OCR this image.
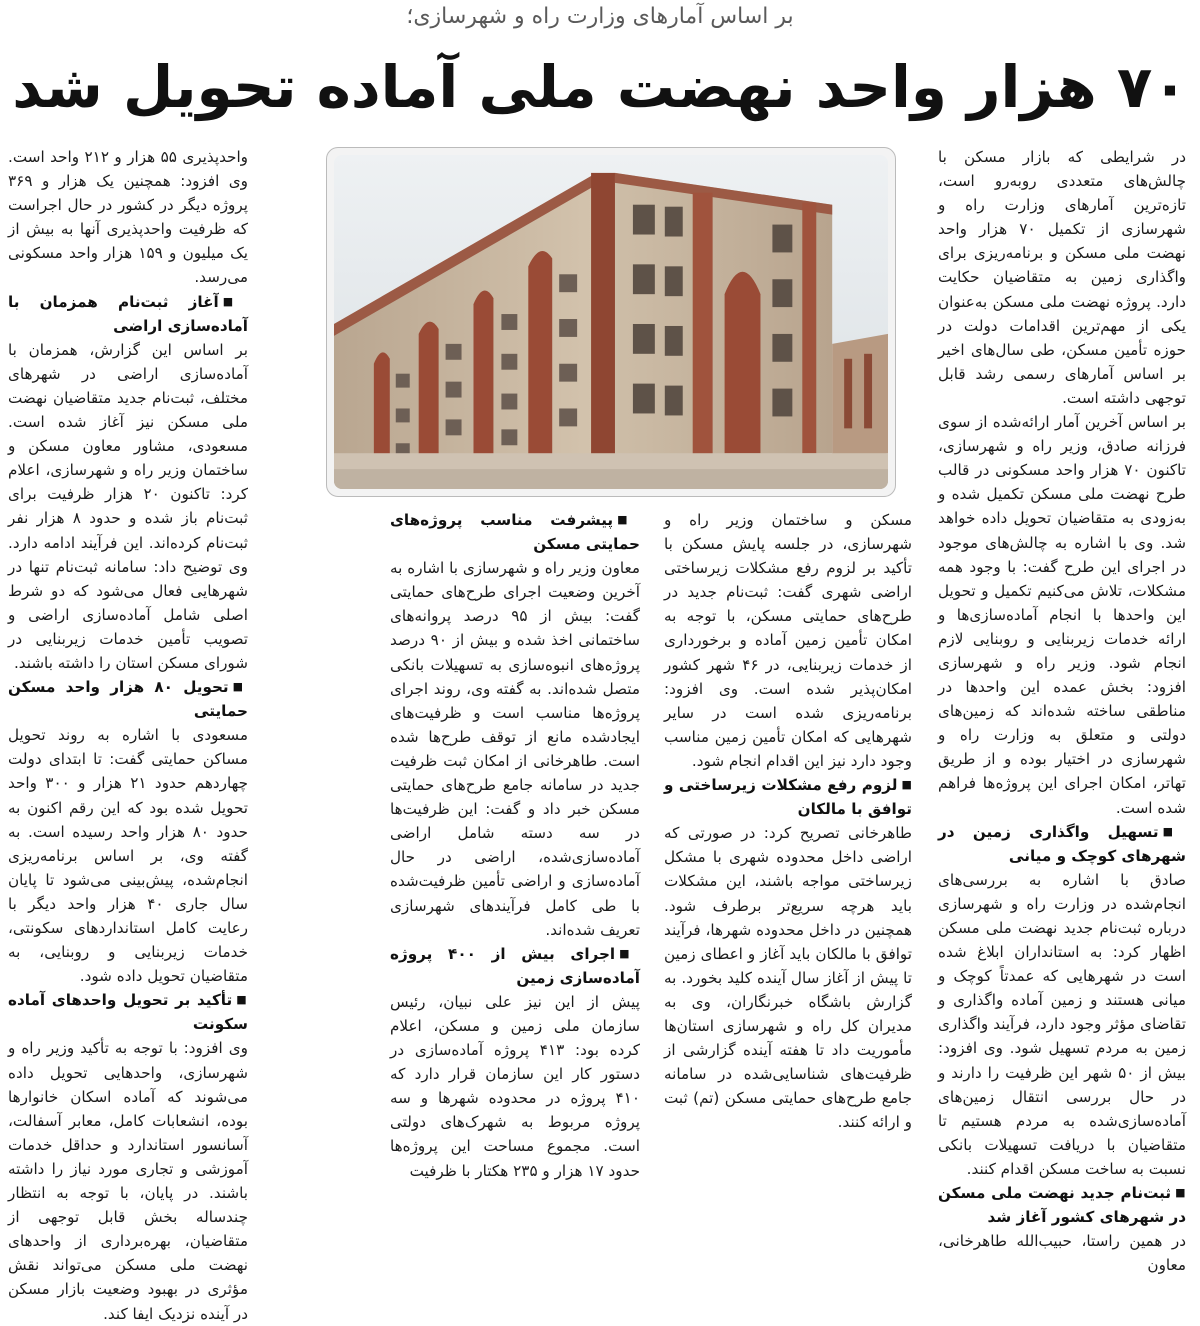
بر اساس آمارهای وزارت راه و شهرسازی؛
۷۰ هزار واحد نهضت ملی آماده تحویل شد

در شرایطی که بازار مسکن با چالش‌های متعددی روبه‌رو است، تازه‌ترین آمارهای وزارت راه و شهرسازی از تکمیل ۷۰ هزار واحد نهضت ملی مسکن و برنامه‌ریزی برای واگذاری زمین به متقاضیان حکایت دارد. پروژه نهضت ملی مسکن به‌عنوان یکی از مهم‌ترین اقدامات دولت در حوزه تأمین مسکن، طی سال‌های اخیر بر اساس آمارهای رسمی رشد قابل توجهی داشته است.

بر اساس آخرین آمار ارائه‌شده از سوی فرزانه صادق، وزیر راه و شهرسازی، تاکنون ۷۰ هزار واحد مسکونی در قالب طرح نهضت ملی مسکن تکمیل شده و به‌زودی به متقاضیان تحویل داده خواهد شد. وی با اشاره به چالش‌های موجود در اجرای این طرح گفت: با وجود همه مشکلات، تلاش می‌کنیم تکمیل و تحویل این واحدها با انجام آماده‌سازی‌ها و ارائه خدمات زیربنایی و روبنایی لازم انجام شود. وزیر راه و شهرسازی افزود: بخش عمده این واحدها در مناطقی ساخته شده‌اند که زمین‌های دولتی و متعلق به وزارت راه و شهرسازی در اختیار بوده و از طریق تهاتر، امکان اجرای این پروژه‌ها فراهم شده است.

■تسهیل واگذاری زمین در شهرهای کوچک و میانی

صادق با اشاره به بررسی‌های انجام‌شده در وزارت راه و شهرسازی درباره ثبت‌نام جدید نهضت ملی مسکن اظهار کرد: به استانداران ابلاغ شده است در شهرهایی که عمدتاً کوچک و میانی هستند و زمین آماده واگذاری و تقاضای مؤثر وجود دارد، فرآیند واگذاری زمین به مردم تسهیل شود. وی افزود: بیش از ۵۰ شهر این ظرفیت را دارند و در حال بررسی انتقال زمین‌های آماده‌سازی‌شده به مردم هستیم تا متقاضیان با دریافت تسهیلات بانکی نسبت به ساخت مسکن اقدام کنند.

■ثبت‌نام جدید نهضت ملی مسکن در شهرهای کشور آغاز شد

در همین راستا، حبیب‌الله طاهرخانی، معاون

مسکن و ساختمان وزیر راه و شهرسازی، در جلسه پایش مسکن با تأکید بر لزوم رفع مشکلات زیرساختی اراضی شهری گفت: ثبت‌نام جدید در طرح‌های حمایتی مسکن، با توجه به امکان تأمین زمین آماده و برخورداری از خدمات زیربنایی، در ۴۶ شهر کشور امکان‌پذیر شده است. وی افزود: برنامه‌ریزی شده است در سایر شهرهایی که امکان تأمین زمین مناسب وجود دارد نیز این اقدام انجام شود.

■لزوم رفع مشکلات زیرساختی و توافق با مالکان

طاهرخانی تصریح کرد: در صورتی که اراضی داخل محدوده شهری با مشکل زیرساختی مواجه باشند، این مشکلات باید هرچه سریع‌تر برطرف شود. همچنین در داخل محدوده شهرها، فرآیند توافق با مالکان باید آغاز و اعطای زمین تا پیش از آغاز سال آینده کلید بخورد. به گزارش باشگاه خبرنگاران، وی به مدیران کل راه و شهرسازی استان‌ها مأموریت داد تا هفته آینده گزارشی از ظرفیت‌های شناسایی‌شده در سامانه جامع طرح‌های حمایتی مسکن (تم) ثبت و ارائه کنند.

■پیشرفت مناسب پروژه‌های حمایتی مسکن

معاون وزیر راه و شهرسازی با اشاره به آخرین وضعیت اجرای طرح‌های حمایتی گفت: بیش از ۹۵ درصد پروانه‌های ساختمانی اخذ شده و بیش از ۹۰ درصد پروژه‌های انبوه‌سازی به تسهیلات بانکی متصل شده‌اند. به گفته وی، روند اجرای پروژه‌ها مناسب است و ظرفیت‌های ایجادشده مانع از توقف طرح‌ها شده است. طاهرخانی از امکان ثبت ظرفیت جدید در سامانه جامع طرح‌های حمایتی مسکن خبر داد و گفت: این ظرفیت‌ها در سه دسته شامل اراضی آماده‌سازی‌شده، اراضی در حال آماده‌سازی و اراضی تأمین ظرفیت‌شده با طی کامل فرآیندهای شهرسازی تعریف شده‌اند.

■اجرای بیش از ۴۰۰ پروژه آماده‌سازی زمین

پیش از این نیز علی نبیان، رئیس سازمان ملی زمین و مسکن، اعلام کرده بود: ۴۱۳ پروژه آماده‌سازی در دستور کار این سازمان قرار دارد که ۴۱۰ پروژه در محدوده شهرها و سه پروژه مربوط به شهرک‌های دولتی است. مجموع مساحت این پروژه‌ها حدود ۱۷ هزار و ۲۳۵ هکتار با ظرفیت

واحدپذیری ۵۵ هزار و ۲۱۲ واحد است. وی افزود: همچنین یک هزار و ۳۶۹ پروژه دیگر در کشور در حال اجراست که ظرفیت واحدپذیری آنها به بیش از یک میلیون و ۱۵۹ هزار واحد مسکونی می‌رسد.

■آغاز ثبت‌نام همزمان با آماده‌سازی اراضی

بر اساس این گزارش، همزمان با آماده‌سازی اراضی در شهرهای مختلف، ثبت‌نام جدید متقاضیان نهضت ملی مسکن نیز آغاز شده است. مسعودی، مشاور معاون مسکن و ساختمان وزیر راه و شهرسازی، اعلام کرد: تاکنون ۲۰ هزار ظرفیت برای ثبت‌نام باز شده و حدود ۸ هزار نفر ثبت‌نام کرده‌اند. این فرآیند ادامه دارد. وی توضیح داد: سامانه ثبت‌نام تنها در شهرهایی فعال می‌شود که دو شرط اصلی شامل آماده‌سازی اراضی و تصویب تأمین خدمات زیربنایی در شورای مسکن استان را داشته باشند.

■تحویل ۸۰ هزار واحد مسکن حمایتی

مسعودی با اشاره به روند تحویل مساکن حمایتی گفت: تا ابتدای دولت چهاردهم حدود ۲۱ هزار و ۳۰۰ واحد تحویل شده بود که این رقم اکنون به حدود ۸۰ هزار واحد رسیده است. به گفته وی، بر اساس برنامه‌ریزی انجام‌شده، پیش‌بینی می‌شود تا پایان سال جاری ۴۰ هزار واحد دیگر با رعایت کامل استانداردهای سکونتی، خدمات زیربنایی و روبنایی، به متقاضیان تحویل داده شود.

■تأکید بر تحویل واحدهای آماده سکونت

وی افزود: با توجه به تأکید وزیر راه و شهرسازی، واحدهایی تحویل داده می‌شوند که آماده اسکان خانوارها بوده، انشعابات کامل، معابر آسفالت، آسانسور استاندارد و حداقل خدمات آموزشی و تجاری مورد نیاز را داشته باشند. در پایان، با توجه به انتظار چندساله بخش قابل توجهی از متقاضیان، بهره‌برداری از واحدهای نهضت ملی مسکن می‌تواند نقش مؤثری در بهبود وضعیت بازار مسکن در آینده نزدیک ایفا کند.
